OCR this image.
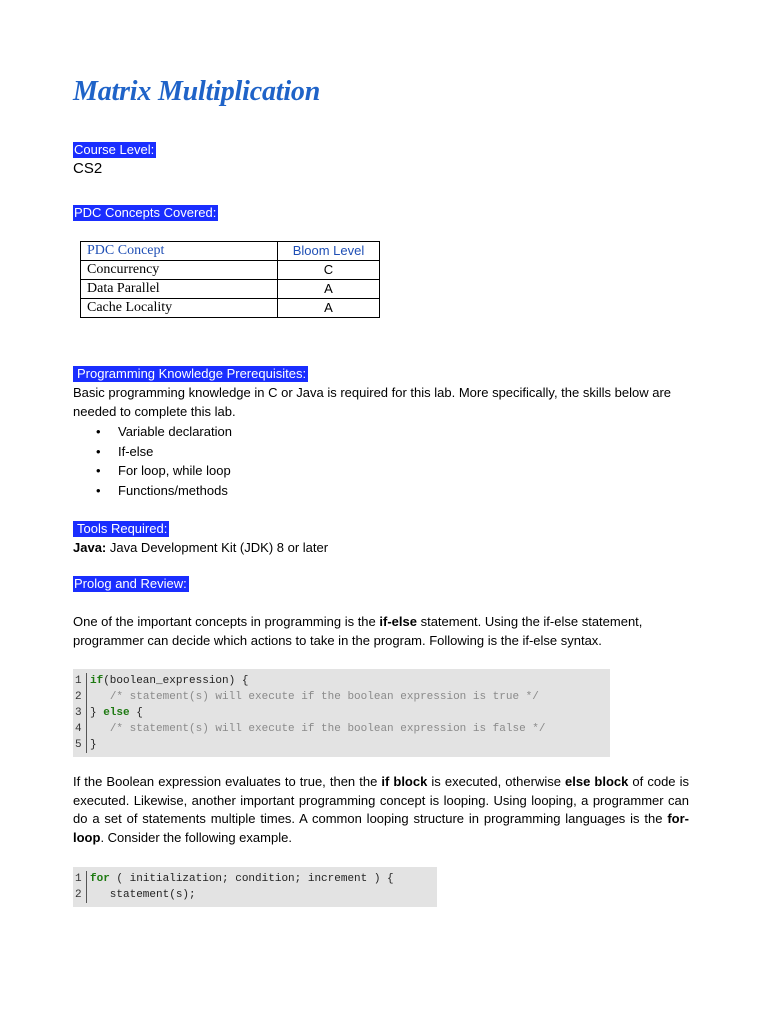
Matrix Multiplication
Course Level:

CS2

PDC Concepts Covered:
PDC Concept	Bloom Level
Concurrency	C
Data Parallel	A
Cache Locality	A
Programming Knowledge Prerequisites:

Basic programming knowledge in C or Java is required for this lab. More specifically, the skills below are needed to complete this lab.

• Variable declaration
• If-else
• For loop, while loop
• Functions/methods
Tools Required:

Java: Java Development Kit (JDK) 8 or later

Prolog and Review:

One of the important concepts in programming is the if-else statement. Using the if-else statement, programmer can decide which actions to take in the program. Following is the if-else syntax.

1 if(boolean_expression) {
2	/* statement(s) will execute if the boolean expression is true */
3 } else {
4	/* statement(s) will execute if the boolean expression is false */
5 }

If the Boolean expression evaluates to true, then the if block is executed, otherwise else block of code is executed. Likewise, another important programming concept is looping. Using looping, a programmer can do a set of statements multiple times. A common looping structure in programming languages is the for-loop. Consider the following example.

1 for ( initialization; condition; increment ) {
2   statement(s);
